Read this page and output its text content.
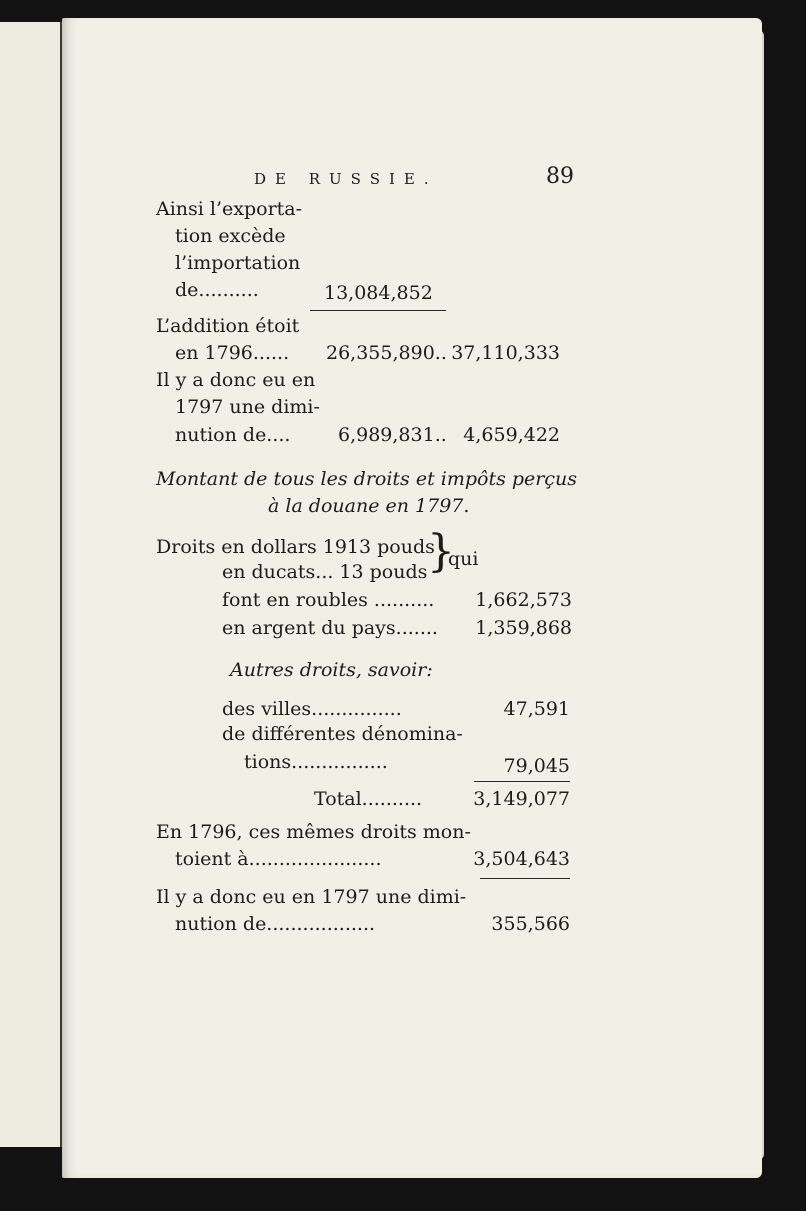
DE RUSSIE.	89
Ainsi l’exporta-
tion excède
l’importation
de..........	13,084,852
L’addition étoit
en 1796...... 26,355,890.. 37,110,333
Il y a donc eu en
1797 une dimi-
nution de....	6,989,831.. 4,659,422
Montant de tous les droits et impôts perçus
à la douane en 1797.
Droits en dollars 1913 pouds
en ducats... 13 pouds }
qui
font en roubles ..........	1,662,573
en argent du pays.......	1,359,868
Autres droits, savoir:
des villes...............	47,591
de différentes dénomina-
tions................	79,045
Total..........	3,149,077
En 1796, ces mêmes droits mon-
toient à......................	3,504,643
Il y a donc eu en 1797 une dimi-
nution de..................	355,566
